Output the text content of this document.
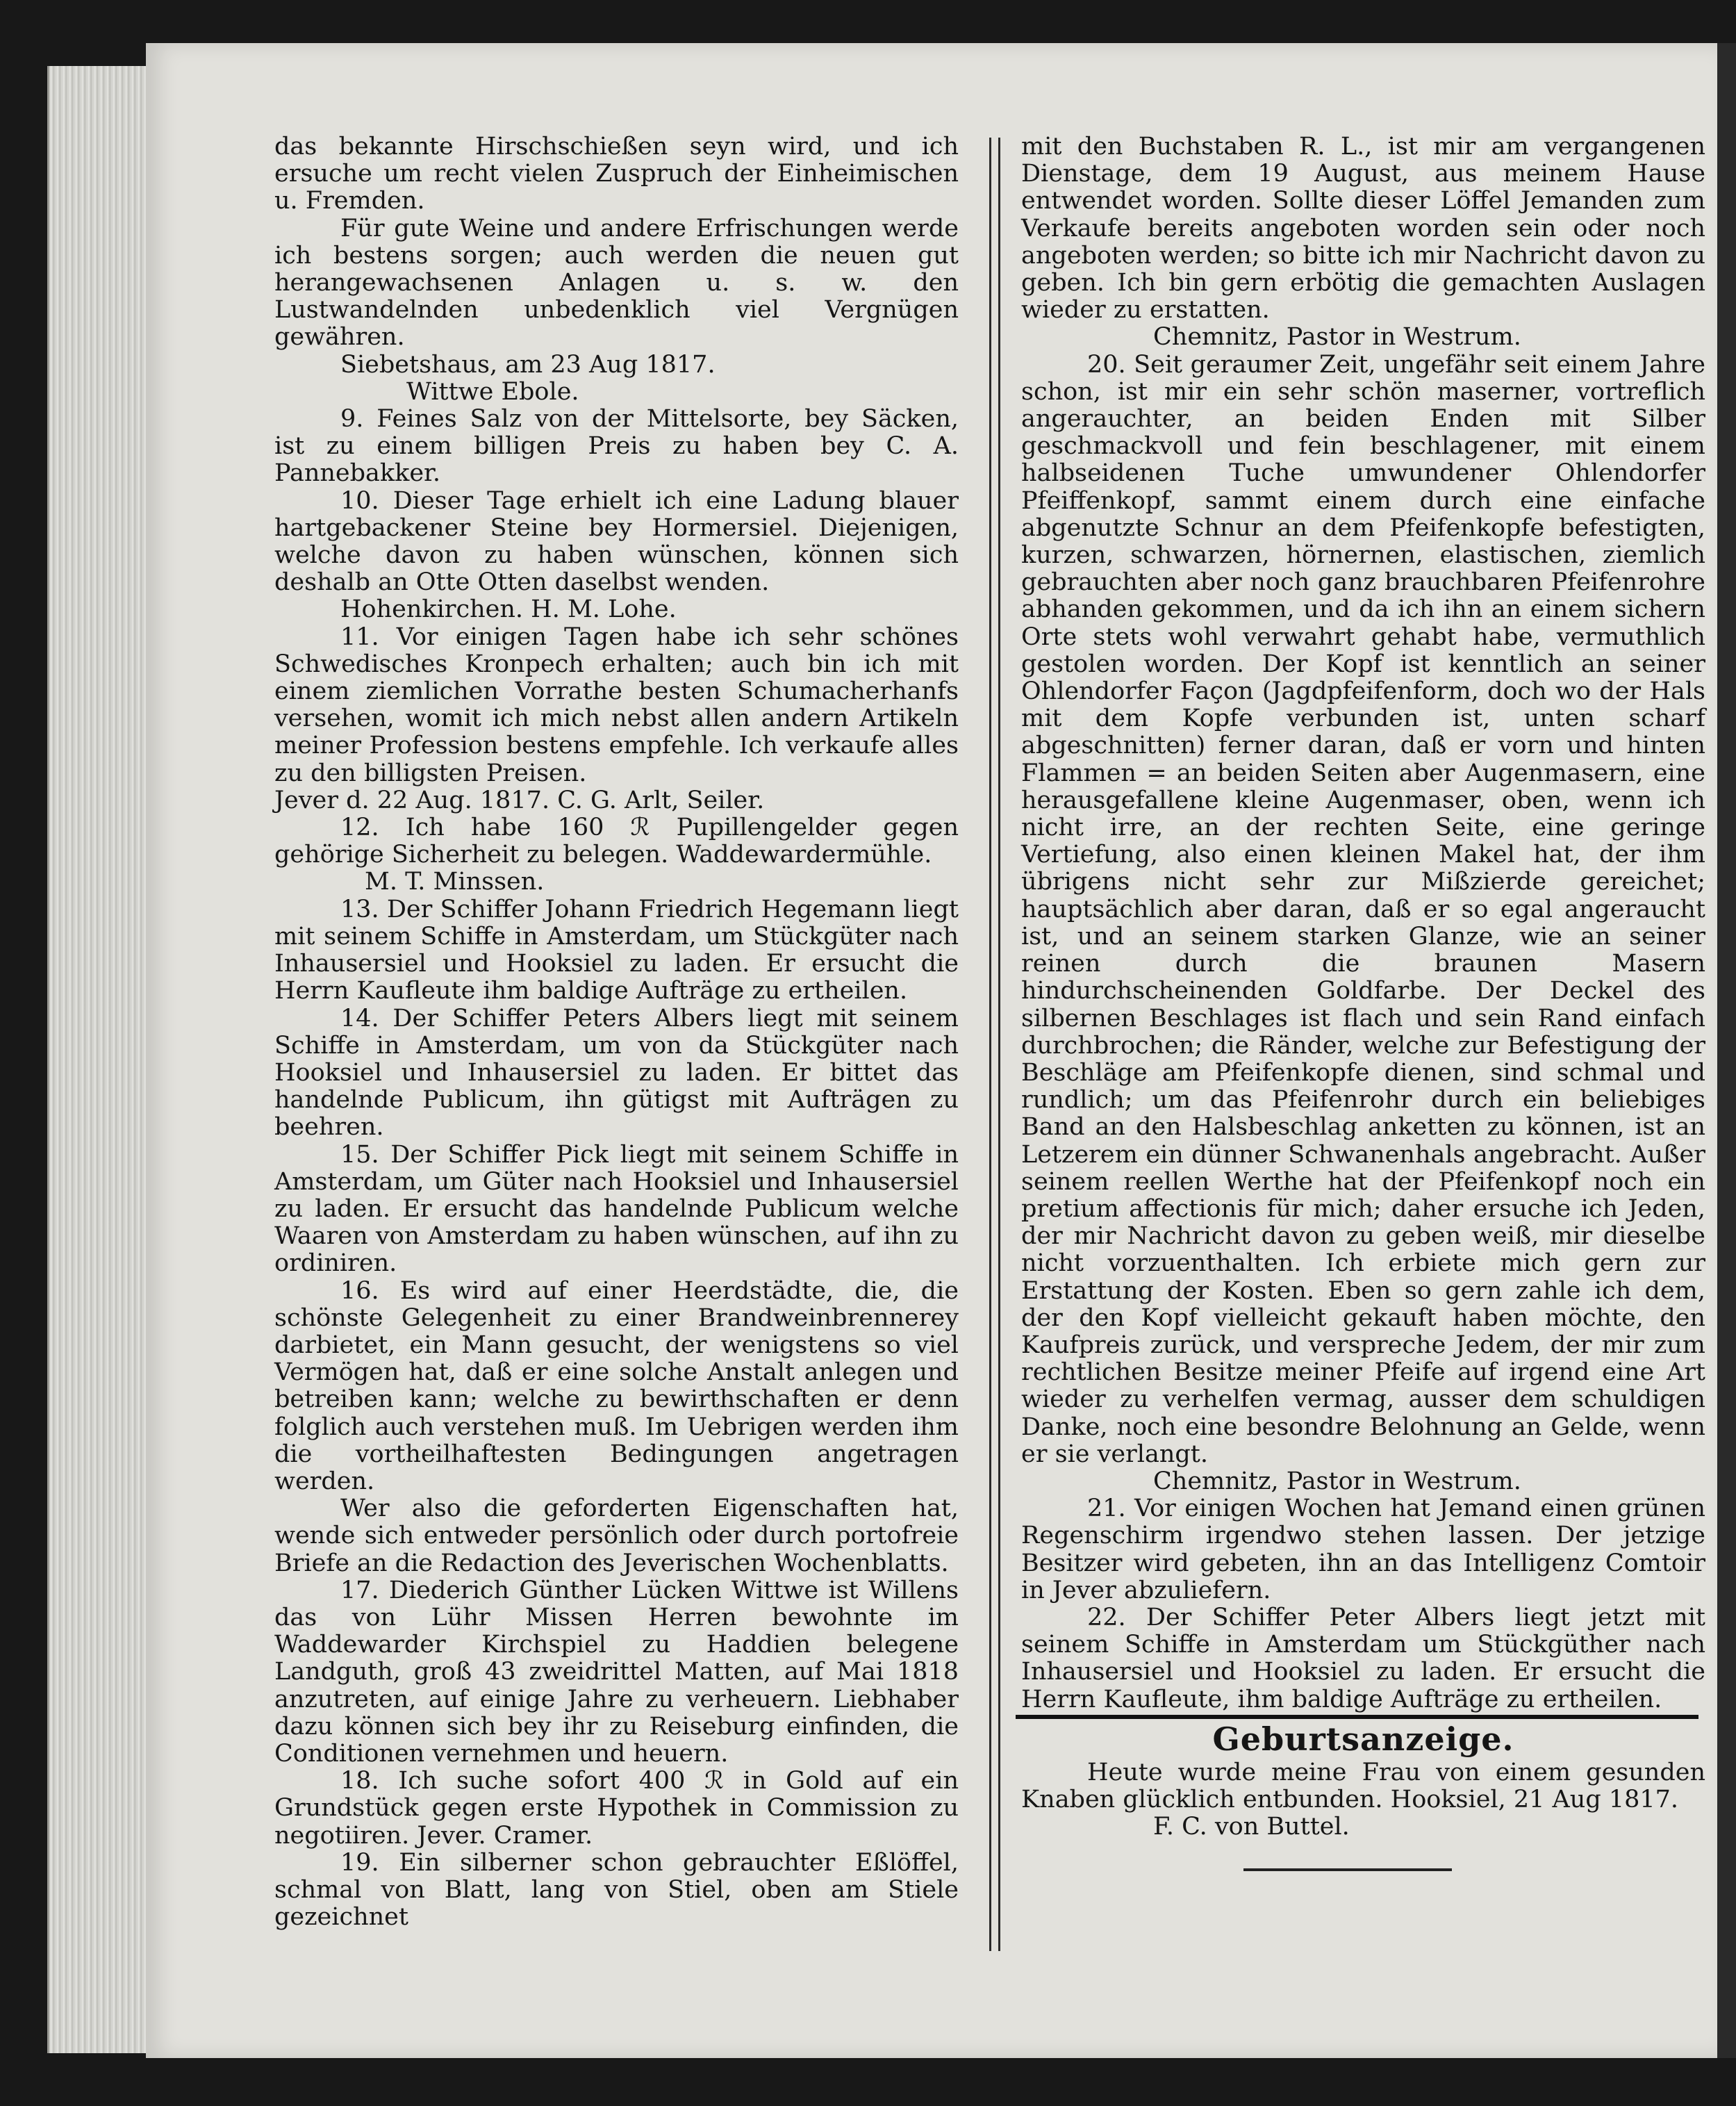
das bekannte Hirschschießen seyn wird, und ich ersuche um recht vielen Zuspruch der Einheimischen u. Fremden.

Für gute Weine und andere Erfrischungen werde ich bestens sorgen; auch werden die neuen gut herangewachsenen Anlagen u. s. w. den Lustwandelnden unbedenklich viel Vergnügen gewähren.

Siebetshaus, am 23 Aug 1817.

Wittwe Ebole.

9. Feines Salz von der Mittelsorte, bey Säcken, ist zu einem billigen Preis zu haben bey C. A. Pannebakker.

10. Dieser Tage erhielt ich eine Ladung blauer hartgebackener Steine bey Hormersiel. Diejenigen, welche davon zu haben wünschen, können sich deshalb an Otte Otten daselbst wenden.

Hohenkirchen. H. M. Lohe.

11. Vor einigen Tagen habe ich sehr schönes Schwedisches Kronpech erhalten; auch bin ich mit einem ziemlichen Vorrathe besten Schumacherhanfs versehen, womit ich mich nebst allen andern Artikeln meiner Profession bestens empfehle. Ich verkaufe alles zu den billigsten Preisen.

Jever d. 22 Aug. 1817. C. G. Arlt, Seiler.

12. Ich habe 160 ℛ Pupillengelder gegen gehörige Sicherheit zu belegen. Waddewardermühle.

M. T. Minssen.

13. Der Schiffer Johann Friedrich Hegemann liegt mit seinem Schiffe in Amsterdam, um Stückgüter nach Inhausersiel und Hooksiel zu laden. Er ersucht die Herrn Kaufleute ihm baldige Aufträge zu ertheilen.

14. Der Schiffer Peters Albers liegt mit seinem Schiffe in Amsterdam, um von da Stückgüter nach Hooksiel und Inhausersiel zu laden. Er bittet das handelnde Publicum, ihn gütigst mit Aufträgen zu beehren.

15. Der Schiffer Pick liegt mit seinem Schiffe in Amsterdam, um Güter nach Hooksiel und Inhausersiel zu laden. Er ersucht das handelnde Publicum welche Waaren von Amsterdam zu haben wünschen, auf ihn zu ordiniren.

16. Es wird auf einer Heerdstädte, die, die schönste Gelegenheit zu einer Brandweinbrennerey darbietet, ein Mann gesucht, der wenigstens so viel Vermögen hat, daß er eine solche Anstalt anlegen und betreiben kann; welche zu bewirthschaften er denn folglich auch verstehen muß. Im Uebrigen werden ihm die vortheilhaftesten Bedingungen angetragen werden.

Wer also die geforderten Eigenschaften hat, wende sich entweder persönlich oder durch portofreie Briefe an die Redaction des Jeverischen Wochenblatts.

17. Diederich Günther Lücken Wittwe ist Willens das von Lühr Missen Herren bewohnte im Waddewarder Kirchspiel zu Haddien belegene Landguth, groß 43 zweidrittel Matten, auf Mai 1818 anzutreten, auf einige Jahre zu verheuern. Liebhaber dazu können sich bey ihr zu Reiseburg einfinden, die Conditionen vernehmen und heuern.

18. Ich suche sofort 400 ℛ in Gold auf ein Grundstück gegen erste Hypothek in Commission zu negotiiren. Jever. Cramer.

19. Ein silberner schon gebrauchter Eßlöffel, schmal von Blatt, lang von Stiel, oben am Stiele gezeichnet

mit den Buchstaben R. L., ist mir am vergangenen Dienstage, dem 19 August, aus meinem Hause entwendet worden. Sollte dieser Löffel Jemanden zum Verkaufe bereits angeboten worden sein oder noch angeboten werden; so bitte ich mir Nachricht davon zu geben. Ich bin gern erbötig die gemachten Auslagen wieder zu erstatten.

Chemnitz, Pastor in Westrum.

20. Seit geraumer Zeit, ungefähr seit einem Jahre schon, ist mir ein sehr schön maserner, vortreflich angerauchter, an beiden Enden mit Silber geschmackvoll und fein beschlagener, mit einem halbseidenen Tuche umwundener Ohlendorfer Pfeiffenkopf, sammt einem durch eine einfache abgenutzte Schnur an dem Pfeifenkopfe befestigten, kurzen, schwarzen, hörnernen, elastischen, ziemlich gebrauchten aber noch ganz brauchbaren Pfeifenrohre abhanden gekommen, und da ich ihn an einem sichern Orte stets wohl verwahrt gehabt habe, vermuthlich gestolen worden. Der Kopf ist kenntlich an seiner Ohlendorfer Façon (Jagdpfeifenform, doch wo der Hals mit dem Kopfe verbunden ist, unten scharf abgeschnitten) ferner daran, daß er vorn und hinten Flammen = an beiden Seiten aber Augenmasern, eine herausgefallene kleine Augenmaser, oben, wenn ich nicht irre, an der rechten Seite, eine geringe Vertiefung, also einen kleinen Makel hat, der ihm übrigens nicht sehr zur Mißzierde gereichet; hauptsächlich aber daran, daß er so egal angeraucht ist, und an seinem starken Glanze, wie an seiner reinen durch die braunen Masern hindurchscheinenden Goldfarbe. Der Deckel des silbernen Beschlages ist flach und sein Rand einfach durchbrochen; die Ränder, welche zur Befestigung der Beschläge am Pfeifenkopfe dienen, sind schmal und rundlich; um das Pfeifenrohr durch ein beliebiges Band an den Halsbeschlag anketten zu können, ist an Letzerem ein dünner Schwanenhals angebracht. Außer seinem reellen Werthe hat der Pfeifenkopf noch ein pretium affectionis für mich; daher ersuche ich Jeden, der mir Nachricht davon zu geben weiß, mir dieselbe nicht vorzuenthalten. Ich erbiete mich gern zur Erstattung der Kosten. Eben so gern zahle ich dem, der den Kopf vielleicht gekauft haben möchte, den Kaufpreis zurück, und verspreche Jedem, der mir zum rechtlichen Besitze meiner Pfeife auf irgend eine Art wieder zu verhelfen vermag, ausser dem schuldigen Danke, noch eine besondre Belohnung an Gelde, wenn er sie verlangt.

Chemnitz, Pastor in Westrum.

21. Vor einigen Wochen hat Jemand einen grünen Regenschirm irgendwo stehen lassen. Der jetzige Besitzer wird gebeten, ihn an das Intelligenz Comtoir in Jever abzuliefern.

22. Der Schiffer Peter Albers liegt jetzt mit seinem Schiffe in Amsterdam um Stückgüther nach Inhausersiel und Hooksiel zu laden. Er ersucht die Herrn Kaufleute, ihm baldige Aufträge zu ertheilen.

Geburtsanzeige.

Heute wurde meine Frau von einem gesunden Knaben glücklich entbunden. Hooksiel, 21 Aug 1817.

F. C. von Buttel.
